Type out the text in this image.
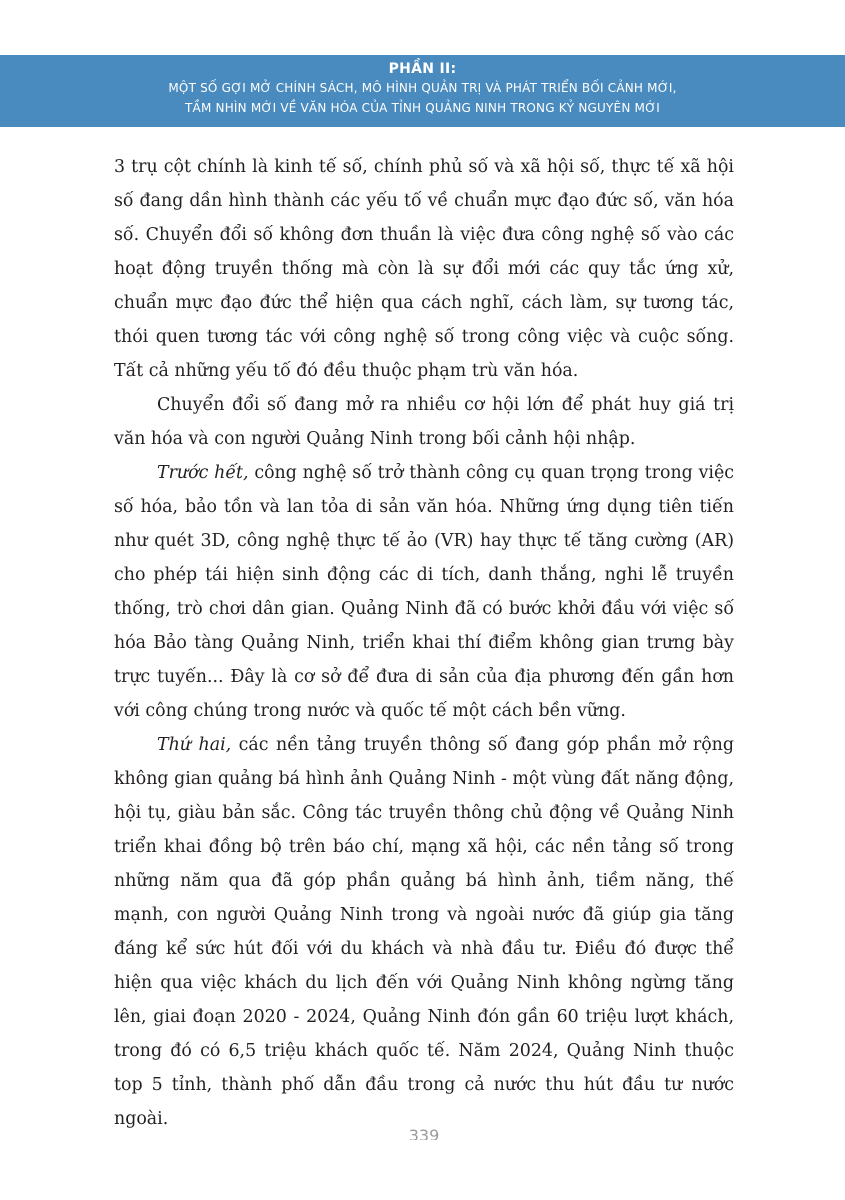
PHẦN II:
MỘT SỐ GỢI MỞ CHÍNH SÁCH, MÔ HÌNH QUẢN TRỊ VÀ PHÁT TRIỂN BỐI CẢNH MỚI,
TẦM NHÌN MỚI VỀ VĂN HÓA CỦA TỈNH QUẢNG NINH TRONG KỶ NGUYÊN MỚI

3 trụ cột chính là kinh tế số, chính phủ số và xã hội số, thực tế xã hội số đang dần hình thành các yếu tố về chuẩn mực đạo đức số, văn hóa số. Chuyển đổi số không đơn thuần là việc đưa công nghệ số vào các hoạt động truyền thống mà còn là sự đổi mới các quy tắc ứng xử, chuẩn mực đạo đức thể hiện qua cách nghĩ, cách làm, sự tương tác, thói quen tương tác với công nghệ số trong công việc và cuộc sống. Tất cả những yếu tố đó đều thuộc phạm trù văn hóa.

Chuyển đổi số đang mở ra nhiều cơ hội lớn để phát huy giá trị văn hóa và con người Quảng Ninh trong bối cảnh hội nhập.

Trước hết, công nghệ số trở thành công cụ quan trọng trong việc số hóa, bảo tồn và lan tỏa di sản văn hóa. Những ứng dụng tiên tiến như quét 3D, công nghệ thực tế ảo (VR) hay thực tế tăng cường (AR) cho phép tái hiện sinh động các di tích, danh thắng, nghi lễ truyền thống, trò chơi dân gian. Quảng Ninh đã có bước khởi đầu với việc số hóa Bảo tàng Quảng Ninh, triển khai thí điểm không gian trưng bày trực tuyến... Đây là cơ sở để đưa di sản của địa phương đến gần hơn với công chúng trong nước và quốc tế một cách bền vững.

Thứ hai, các nền tảng truyền thông số đang góp phần mở rộng không gian quảng bá hình ảnh Quảng Ninh - một vùng đất năng động, hội tụ, giàu bản sắc. Công tác truyền thông chủ động về Quảng Ninh triển khai đồng bộ trên báo chí, mạng xã hội, các nền tảng số trong những năm qua đã góp phần quảng bá hình ảnh, tiềm năng, thế mạnh, con người Quảng Ninh trong và ngoài nước đã giúp gia tăng đáng kể sức hút đối với du khách và nhà đầu tư. Điều đó được thể hiện qua việc khách du lịch đến với Quảng Ninh không ngừng tăng lên, giai đoạn 2020 - 2024, Quảng Ninh đón gần 60 triệu lượt khách, trong đó có 6,5 triệu khách quốc tế. Năm 2024, Quảng Ninh thuộc top 5 tỉnh, thành phố dẫn đầu trong cả nước thu hút đầu tư nước ngoài.

339
